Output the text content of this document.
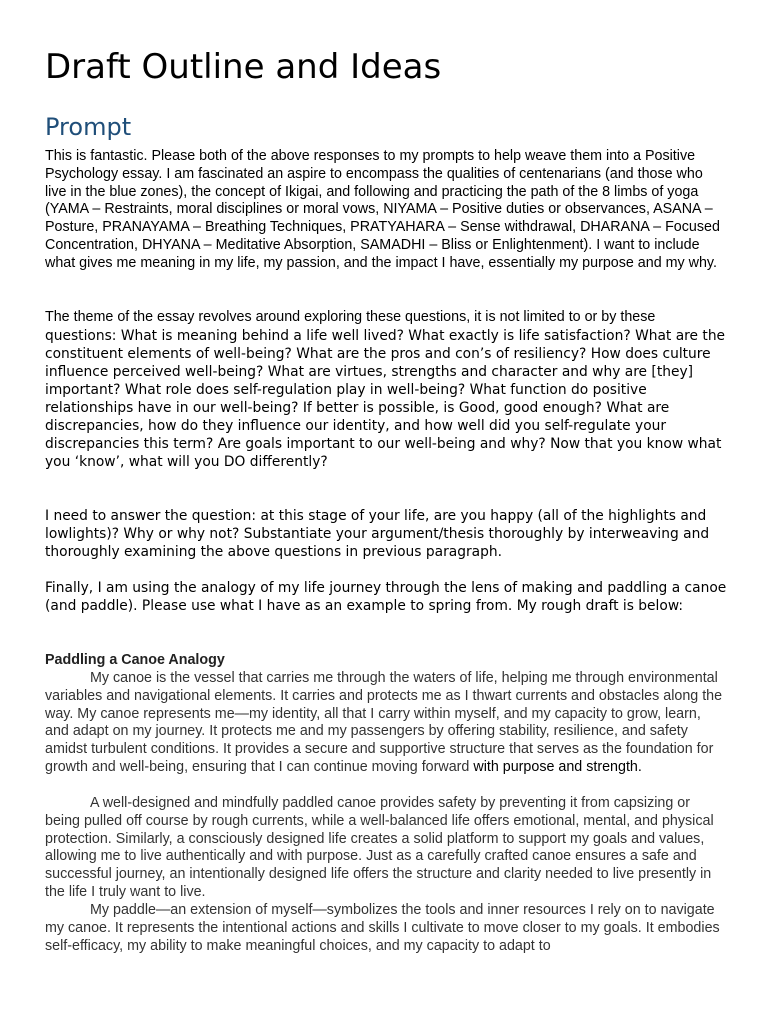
Draft Outline and Ideas
Prompt

This is fantastic. Please both of the above responses to my prompts to help weave them into a Positive Psychology essay. I am fascinated an aspire to encompass the qualities of centenarians (and those who live in the blue zones), the concept of Ikigai, and following and practicing the path of the 8 limbs of yoga (YAMA – Restraints, moral disciplines or moral vows, NIYAMA – Positive duties or observances, ASANA – Posture, PRANAYAMA – Breathing Techniques, PRATYAHARA – Sense withdrawal, DHARANA – Focused Concentration, DHYANA – Meditative Absorption, SAMADHI – Bliss or Enlightenment). I want to include what gives me meaning in my life, my passion, and the impact I have, essentially my purpose and my why.

The theme of the essay revolves around exploring these questions, it is not limited to or by these questions: What is meaning behind a life well lived? What exactly is life satisfaction? What are the constituent elements of well-being? What are the pros and con’s of resiliency? How does culture influence perceived well-being? What are virtues, strengths and character and why are [they] important? What role does self-regulation play in well-being? What function do positive relationships have in our well-being? If better is possible, is Good, good enough? What are discrepancies, how do they influence our identity, and how well did you self-regulate your discrepancies this term? Are goals important to our well-being and why? Now that you know what you ‘know’, what will you DO differently?

I need to answer the question: at this stage of your life, are you happy (all of the highlights and lowlights)? Why or why not? Substantiate your argument/thesis thoroughly by interweaving and thoroughly examining the above questions in previous paragraph.

Finally, I am using the analogy of my life journey through the lens of making and paddling a canoe (and paddle). Please use what I have as an example to spring from. My rough draft is below:

Paddling a Canoe Analogy

My canoe is the vessel that carries me through the waters of life, helping me through environmental variables and navigational elements. It carries and protects me as I thwart currents and obstacles along the way. My canoe represents me—my identity, all that I carry within myself, and my capacity to grow, learn, and adapt on my journey. It protects me and my passengers by offering stability, resilience, and safety amidst turbulent conditions. It provides a secure and supportive structure that serves as the foundation for growth and well-being, ensuring that I can continue moving forward with purpose and strength.

A well-designed and mindfully paddled canoe provides safety by preventing it from capsizing or being pulled off course by rough currents, while a well-balanced life offers emotional, mental, and physical protection. Similarly, a consciously designed life creates a solid platform to support my goals and values, allowing me to live authentically and with purpose. Just as a carefully crafted canoe ensures a safe and successful journey, an intentionally designed life offers the structure and clarity needed to live presently in the life I truly want to live.

My paddle—an extension of myself—symbolizes the tools and inner resources I rely on to navigate my canoe. It represents the intentional actions and skills I cultivate to move closer to my goals. It embodies self-efficacy, my ability to make meaningful choices, and my capacity to adapt to
